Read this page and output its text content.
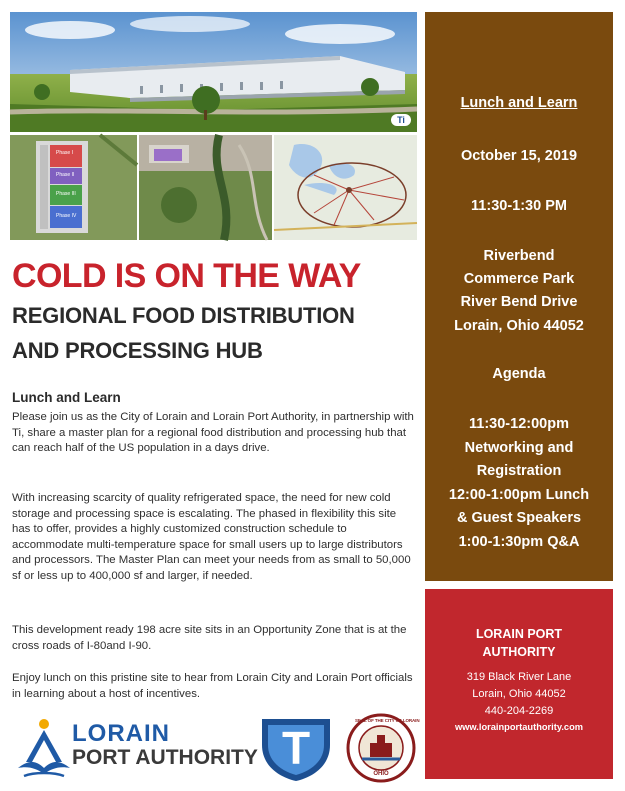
Ti
Phase I
Phase II
Phase III
Phase IV
COLD IS ON THE WAY
REGIONAL FOOD DISTRIBUTION
AND PROCESSING HUB
Lunch and Learn
Please join us as the City of Lorain and Lorain Port Authority, in partnership with Ti, share a master plan for a regional food distribution and processing hub that can reach half of the US population in a days drive.
With increasing scarcity of quality refrigerated space, the need for new cold storage and processing space is escalating. The phased in flexibility this site has to offer, provides a highly customized construction schedule to accommodate multi-temperature space for small users up to large distributors and processors. The Master Plan can meet your needs from as small to 50,000 sf or less up to 400,000 sf and larger, if needed.
This development ready 198 acre site sits in an Opportunity Zone that is at the cross roads of I-80and I-90.
Enjoy lunch on this pristine site to hear from Lorain City and Lorain Port officials in learning about a host of incentives.
LORAIN
PORT AUTHORITY T
SEAL OF THE CITY OF LORAIN
OHIO
Lunch and Learn
October 15, 2019
11:30-1:30 PM
Riverbend
Commerce Park
River Bend Drive
Lorain, Ohio 44052
Agenda
11:30-12:00pm
Networking and
Registration
12:00-1:00pm Lunch
& Guest Speakers
1:00-1:30pm Q&A
LORAIN PORT
AUTHORITY
319 Black River Lane
Lorain, Ohio 44052
440-204-2269
www.lorainportauthority.com
